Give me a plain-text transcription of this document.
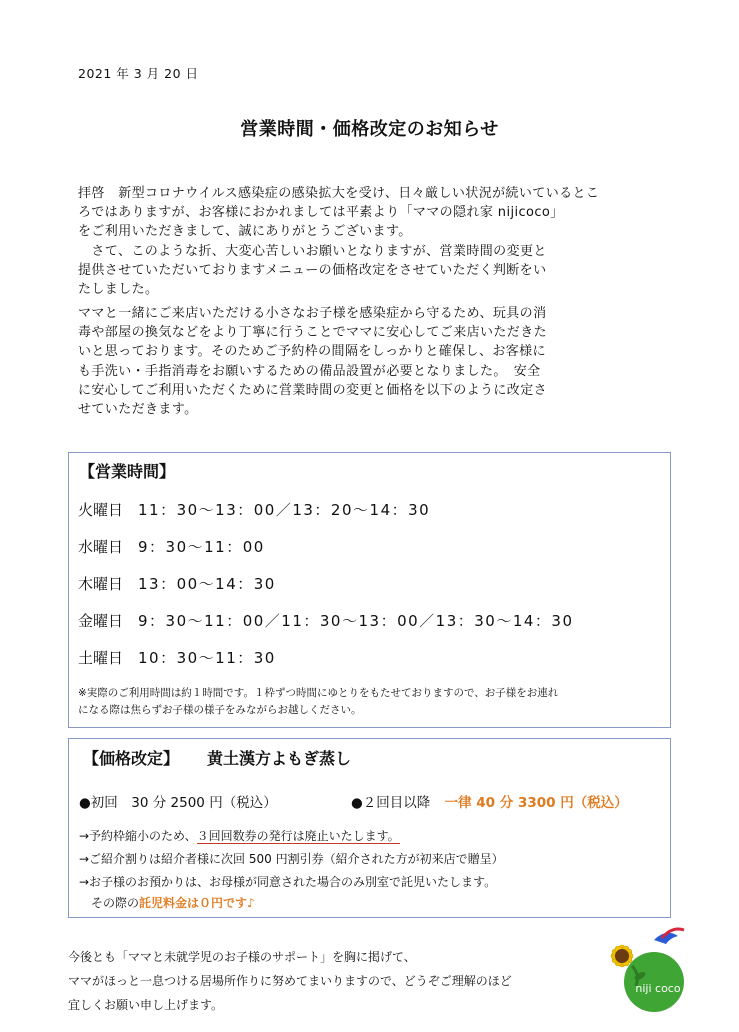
2021 年 3 月 20 日
営業時間・価格改定のお知らせ
拝啓　新型コロナウイルス感染症の感染拡大を受け、日々厳しい状況が続いているとこ
ろではありますが、お客様におかれましては平素より「ママの隠れ家 nijicoco」
をご利用いただきまして、誠にありがとうございます。
　さて、このような折、大変心苦しいお願いとなりますが、営業時間の変更と
提供させていただいておりますメニューの価格改定をさせていただく判断をい
たしました。
ママと一緒にご来店いただける小さなお子様を感染症から守るため、玩具の消
毒や部屋の換気などをより丁寧に行うことでママに安心してご来店いただきた
いと思っております。そのためご予約枠の間隔をしっかりと確保し、お客様に
も手洗い・手指消毒をお願いするための備品設置が必要となりました。　安全
に安心してご利用いただくために営業時間の変更と価格を以下のように改定さ
せていただきます。
【営業時間】
火曜日 11：30〜13：00／13：20〜14：30
水曜日 9：30〜11：00
木曜日 13：00〜14：30
金曜日 9：30〜11：00／11：30〜13：00／13：30〜14：30
土曜日 10：30〜11：30
※実際のご利用時間は約１時間です。１枠ずつ時間にゆとりをもたせておりますので、お子様をお連れ
になる際は焦らずお子様の様子をみながらお越しください。
【価格改定】 黄土漢方よもぎ蒸し
●初回　30 分 2500 円（税込）	●２回目以降 一律 40 分 3300 円（税込）
→予約枠縮小のため、３回回数券の発行は廃止いたします。
→ご紹介割りは紹介者様に次回 500 円割引券（紹介された方が初来店で贈呈）
→お子様のお預かりは、お母様が同意された場合のみ別室で託児いたします。
その際の託児料金は０円です♪
今後とも「ママと未就学児のお子様のサポート」を胸に掲げて、
ママがほっと一息つける居場所作りに努めてまいりますので、どうぞご理解のほど
宜しくお願い申し上げます。
niji coco
